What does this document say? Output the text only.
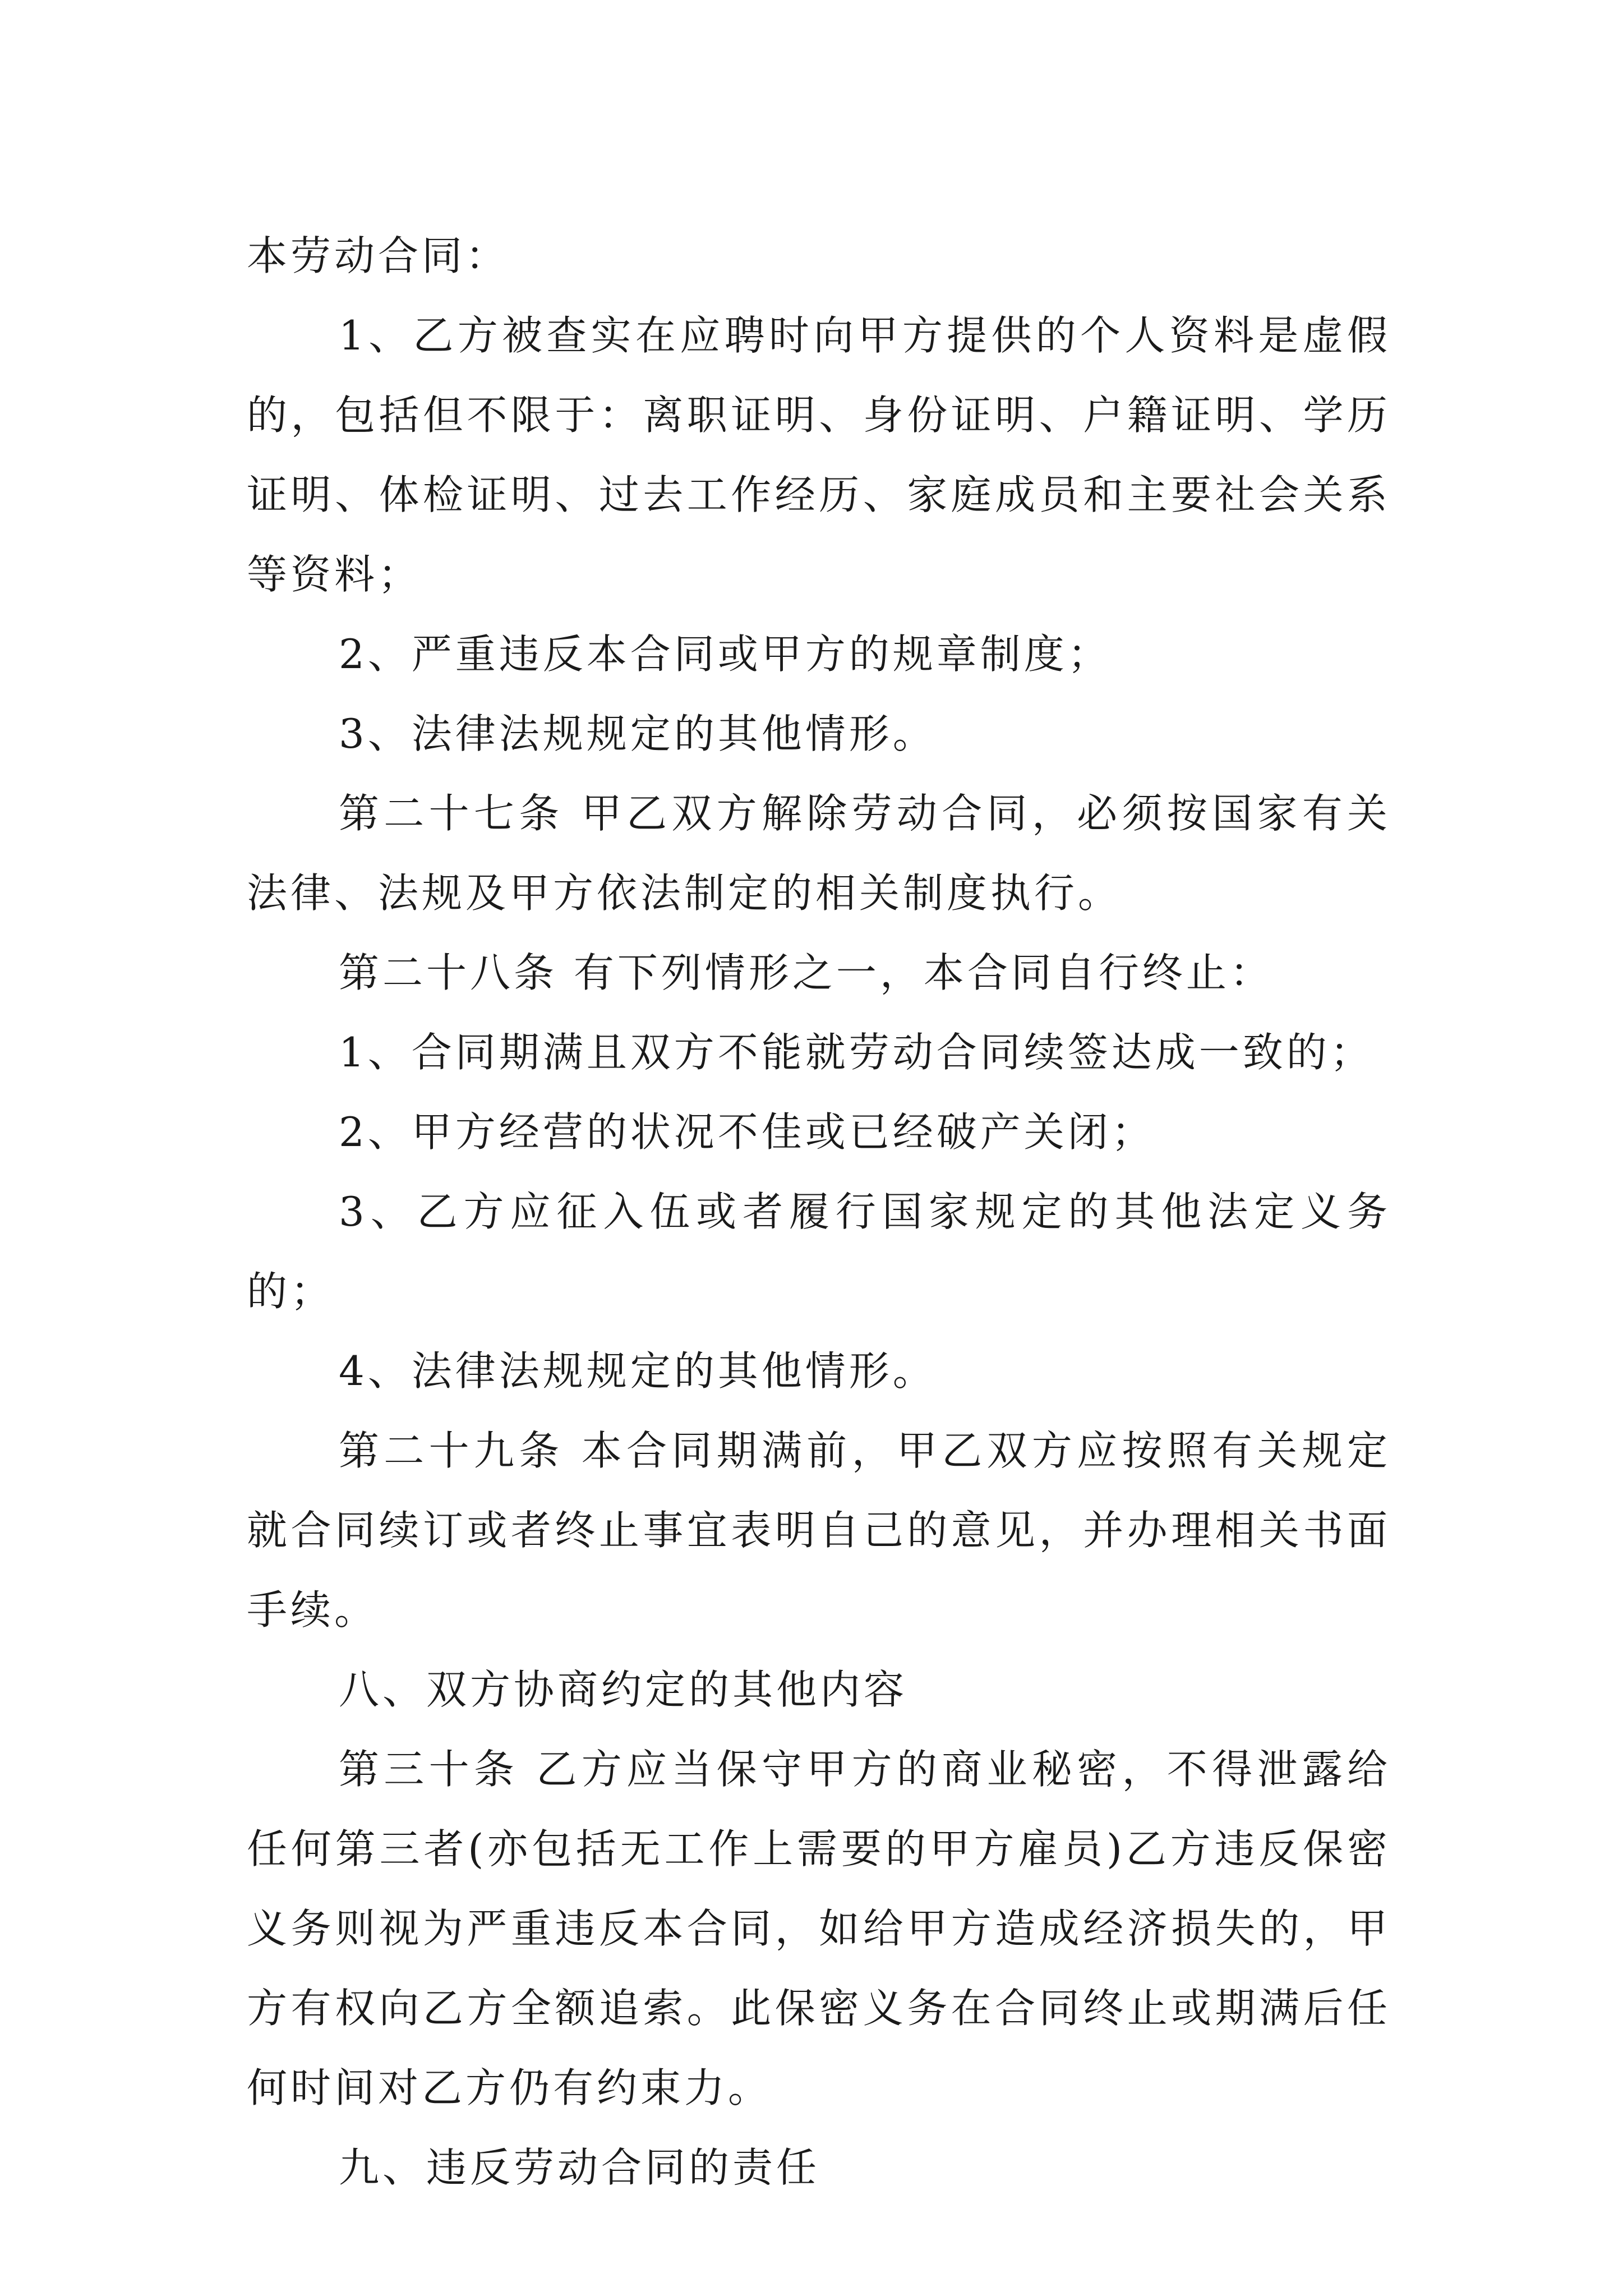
本劳动合同：

1、乙方被查实在应聘时向甲方提供的个人资料是虚假的，包括但不限于：离职证明、身份证明、户籍证明、学历证明、体检证明、过去工作经历、家庭成员和主要社会关系等资料；

2、严重违反本合同或甲方的规章制度；

3、法律法规规定的其他情形。

第二十七条 甲乙双方解除劳动合同，必须按国家有关法律、法规及甲方依法制定的相关制度执行。

第二十八条 有下列情形之一，本合同自行终止：

1、合同期满且双方不能就劳动合同续签达成一致的；

2、甲方经营的状况不佳或已经破产关闭；

3、乙方应征入伍或者履行国家规定的其他法定义务的；

4、法律法规规定的其他情形。

第二十九条 本合同期满前，甲乙双方应按照有关规定就合同续订或者终止事宜表明自己的意见，并办理相关书面手续。

八、双方协商约定的其他内容

第三十条 乙方应当保守甲方的商业秘密，不得泄露给任何第三者(亦包括无工作上需要的甲方雇员)乙方违反保密义务则视为严重违反本合同，如给甲方造成经济损失的，甲方有权向乙方全额追索。此保密义务在合同终止或期满后任何时间对乙方仍有约束力。

九、违反劳动合同的责任
